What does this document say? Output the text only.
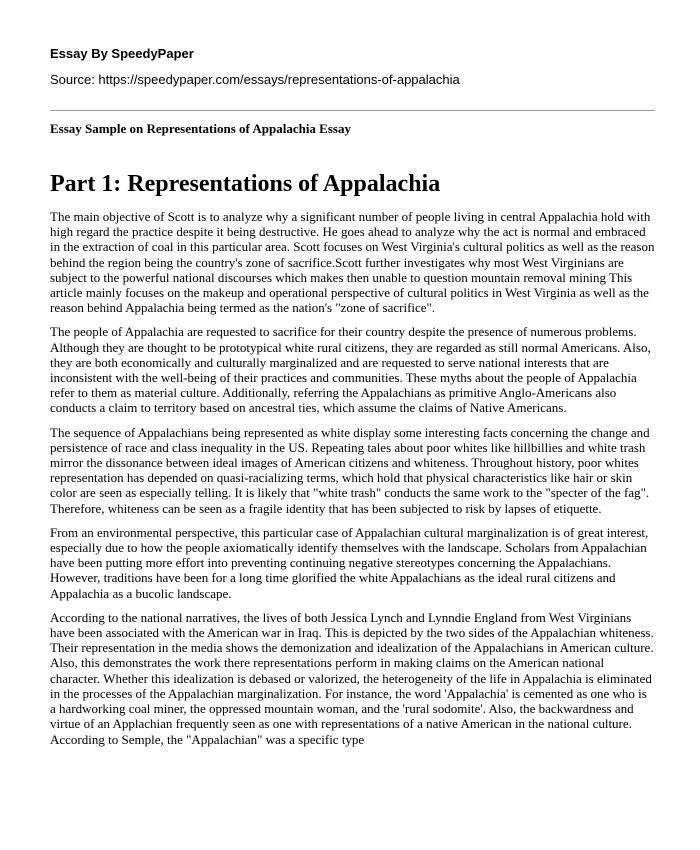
Essay By SpeedyPaper
Source: https://speedypaper.com/essays/representations-of-appalachia
Essay Sample on Representations of Appalachia Essay
Part 1: Representations of Appalachia

The main objective of Scott is to analyze why a significant number of people living in central Appalachia hold with high regard the practice despite it being destructive. He goes ahead to analyze why the act is normal and embraced in the extraction of coal in this particular area. Scott focuses on West Virginia's cultural politics as well as the reason behind the region being the country's zone of sacrifice.Scott further investigates why most West Virginians are subject to the powerful national discourses which makes then unable to question mountain removal mining This article mainly focuses on the makeup and operational perspective of cultural politics in West Virginia as well as the reason behind Appalachia being termed as the nation's "zone of sacrifice".

The people of Appalachia are requested to sacrifice for their country despite the presence of numerous problems. Although they are thought to be prototypical white rural citizens, they are regarded as still normal Americans. Also, they are both economically and culturally marginalized and are requested to serve national interests that are inconsistent with the well-being of their practices and communities. These myths about the people of Appalachia refer to them as material culture. Additionally, referring the Appalachians as primitive Anglo-Americans also conducts a claim to territory based on ancestral ties, which assume the claims of Native Americans.

The sequence of Appalachians being represented as white display some interesting facts concerning the change and persistence of race and class inequality in the US. Repeating tales about poor whites like hillbillies and white trash mirror the dissonance between ideal images of American citizens and whiteness. Throughout history, poor whites representation has depended on quasi-racializing terms, which hold that physical characteristics like hair or skin color are seen as especially telling. It is likely that "white trash" conducts the same work to the "specter of the fag". Therefore, whiteness can be seen as a fragile identity that has been subjected to risk by lapses of etiquette.

From an environmental perspective, this particular case of Appalachian cultural marginalization is of great interest, especially due to how the people axiomatically identify themselves with the landscape. Scholars from Appalachian have been putting more effort into preventing continuing negative stereotypes concerning the Appalachians. However, traditions have been for a long time glorified the white Appalachians as the ideal rural citizens and Appalachia as a bucolic landscape.

According to the national narratives, the lives of both Jessica Lynch and Lynndie England from West Virginians have been associated with the American war in Iraq. This is depicted by the two sides of the Appalachian whiteness. Their representation in the media shows the demonization and idealization of the Appalachians in American culture. Also, this demonstrates the work there representations perform in making claims on the American national character. Whether this idealization is debased or valorized, the heterogeneity of the life in Appalachia is eliminated in the processes of the Appalachian marginalization. For instance, the word 'Appalachia' is cemented as one who is a hardworking coal miner, the oppressed mountain woman, and the 'rural sodomite'. Also, the backwardness and virtue of an Applachian frequently seen as one with representations of a native American in the national culture. According to Semple, the "Appalachian" was a specific type
